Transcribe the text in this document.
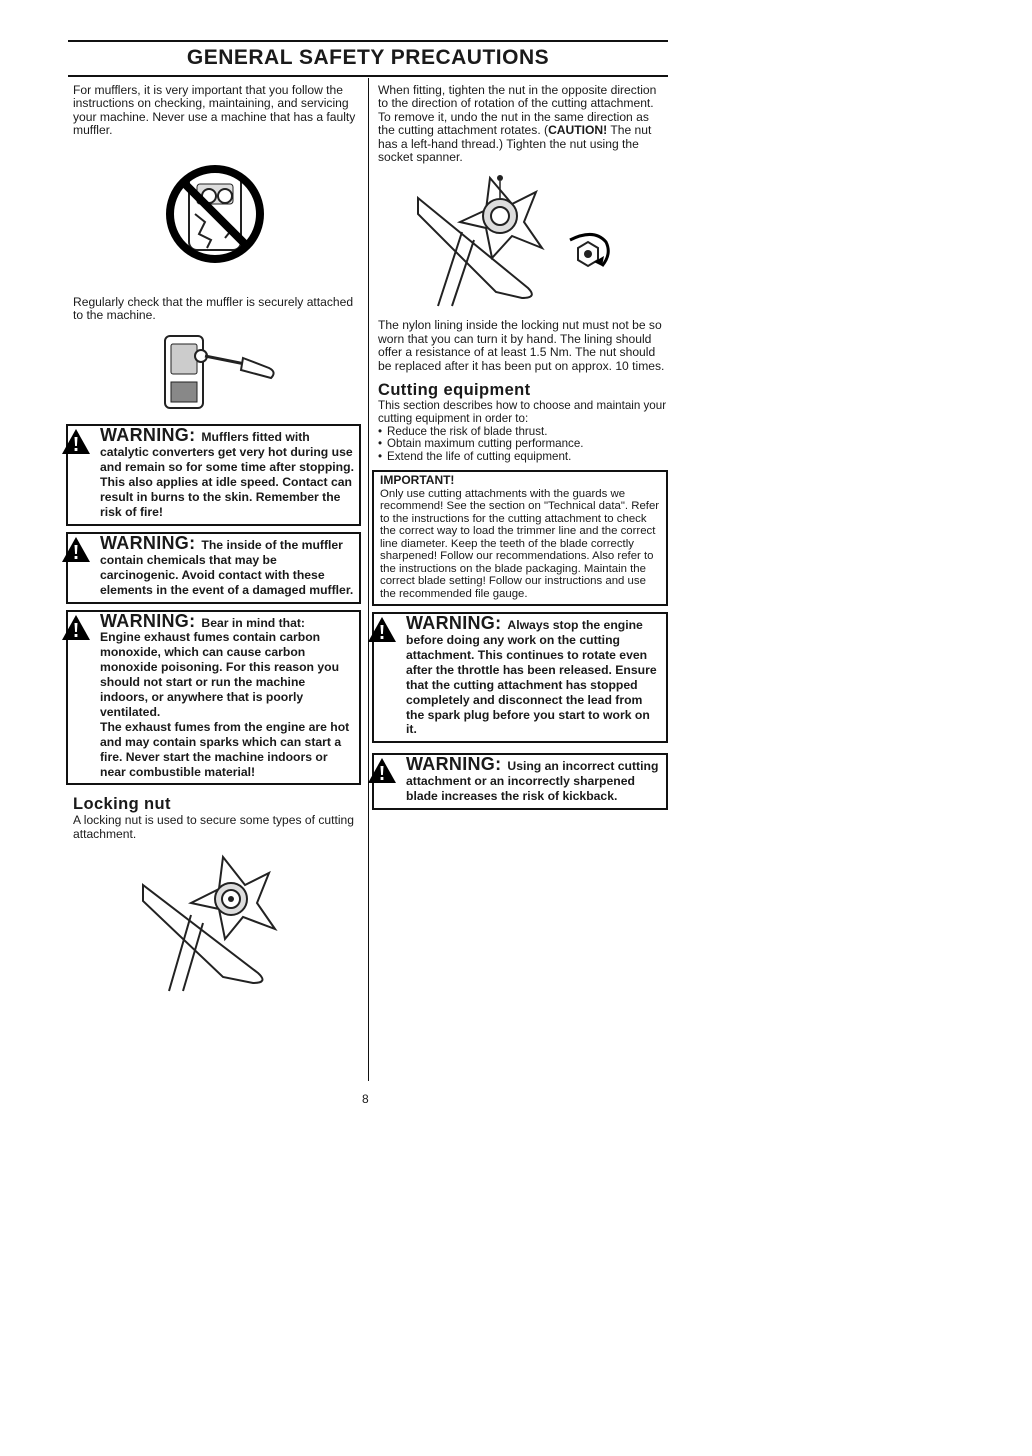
GENERAL SAFETY PRECAUTIONS

For mufflers, it is very important that you follow the instructions on checking, maintaining, and servicing your machine. Never use a machine that has a faulty muffler.

Regularly check that the muffler is securely attached to the machine.

WARNING: Mufflers fitted with catalytic converters get very hot during use and remain so for some time after stopping. This also applies at idle speed. Contact can result in burns to the skin. Remember the risk of fire!
WARNING: The inside of the muffler contain chemicals that may be carcinogenic. Avoid contact with these elements in the event of a damaged muffler.
WARNING: Bear in mind that:
Engine exhaust fumes contain carbon monoxide, which can cause carbon monoxide poisoning. For this reason you should not start or run the machine indoors, or anywhere that is poorly ventilated.
The exhaust fumes from the engine are hot and may contain sparks which can start a fire. Never start the machine indoors or near combustible material!
Locking nut

A locking nut is used to secure some types of cutting attachment.

When fitting, tighten the nut in the opposite direction to the direction of rotation of the cutting attachment. To remove it, undo the nut in the same direction as the cutting attachment rotates. (CAUTION! The nut has a left-hand thread.) Tighten the nut using the socket spanner.

The nylon lining inside the locking nut must not be so worn that you can turn it by hand. The lining should offer a resistance of at least 1.5 Nm. The nut should be replaced after it has been put on approx. 10 times.

Cutting equipment

This section describes how to choose and maintain your cutting equipment in order to:

• Reduce the risk of blade thrust.
• Obtain maximum cutting performance.
• Extend the life of cutting equipment.
IMPORTANT!

Only use cutting attachments with the guards we recommend! See the section on "Technical data". Refer to the instructions for the cutting attachment to check the correct way to load the trimmer line and the correct line diameter. Keep the teeth of the blade correctly sharpened! Follow our recommendations. Also refer to the instructions on the blade packaging. Maintain the correct blade setting! Follow our instructions and use the recommended file gauge.

WARNING: Always stop the engine before doing any work on the cutting attachment. This continues to rotate even after the throttle has been released. Ensure that the cutting attachment has stopped completely and disconnect the lead from the spark plug before you start to work on it.
WARNING: Using an incorrect cutting attachment or an incorrectly sharpened blade increases the risk of kickback.
8
